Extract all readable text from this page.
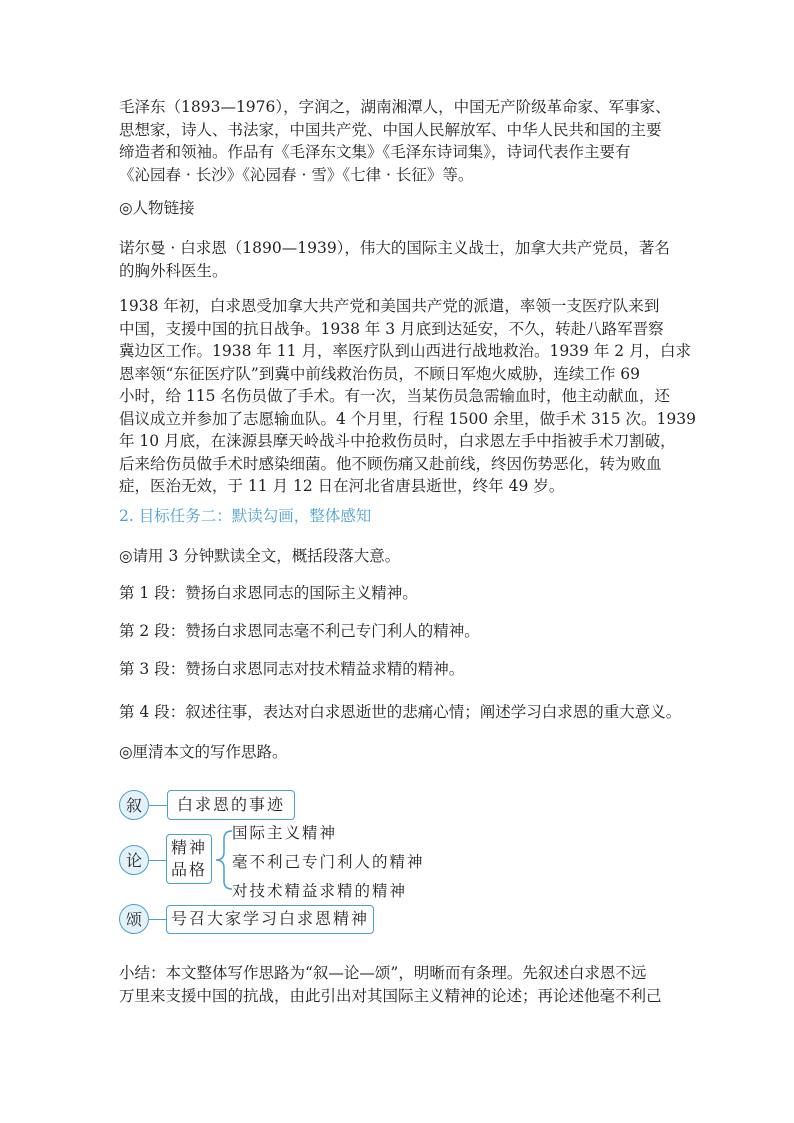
毛泽东（1893—1976），字润之，湖南湘潭人，中国无产阶级革命家、军事家、
思想家，诗人、书法家，中国共产党、中国人民解放军、中华人民共和国的主要
缔造者和领袖。作品有《毛泽东文集》《毛泽东诗词集》，诗词代表作主要有
《沁园春 · 长沙》《沁园春 · 雪》《七律 · 长征》等。

◎人物链接

诺尔曼 · 白求恩（1890—1939），伟大的国际主义战士，加拿大共产党员，著名
的胸外科医生。

1938 年初，白求恩受加拿大共产党和美国共产党的派遣，率领一支医疗队来到
中国，支援中国的抗日战争。1938 年 3 月底到达延安，不久，转赴八路军晋察
冀边区工作。1938 年 11 月，率医疗队到山西进行战地救治。1939 年 2 月，白求
恩率领“东征医疗队”到冀中前线救治伤员，不顾日军炮火威胁，连续工作 69
小时，给 115 名伤员做了手术。有一次，当某伤员急需输血时，他主动献血，还
倡议成立并参加了志愿输血队。4 个月里，行程 1500 余里，做手术 315 次。1939
年 10 月底，在涞源县摩天岭战斗中抢救伤员时，白求恩左手中指被手术刀割破，
后来给伤员做手术时感染细菌。他不顾伤痛又赴前线，终因伤势恶化，转为败血
症，医治无效，于 11 月 12 日在河北省唐县逝世，终年 49 岁。

2. 目标任务二：默读勾画，整体感知

◎请用 3 分钟默读全文，概括段落大意。

第 1 段：赞扬白求恩同志的国际主义精神。

第 2 段：赞扬白求恩同志毫不利己专门利人的精神。

第 3 段：赞扬白求恩同志对技术精益求精的精神。

第 4 段：叙述往事，表达对白求恩逝世的悲痛心情；阐述学习白求恩的重大意义。

◎厘清本文的写作思路。

叙	白求恩的事迹
论
精神
品格
国际主义精神
毫不利己专门利人的精神
对技术精益求精的精神
颂	号召大家学习白求恩精神

小结：本文整体写作思路为“叙—论—颂”，明晰而有条理。先叙述白求恩不远
万里来支援中国的抗战，由此引出对其国际主义精神的论述；再论述他毫不利己
